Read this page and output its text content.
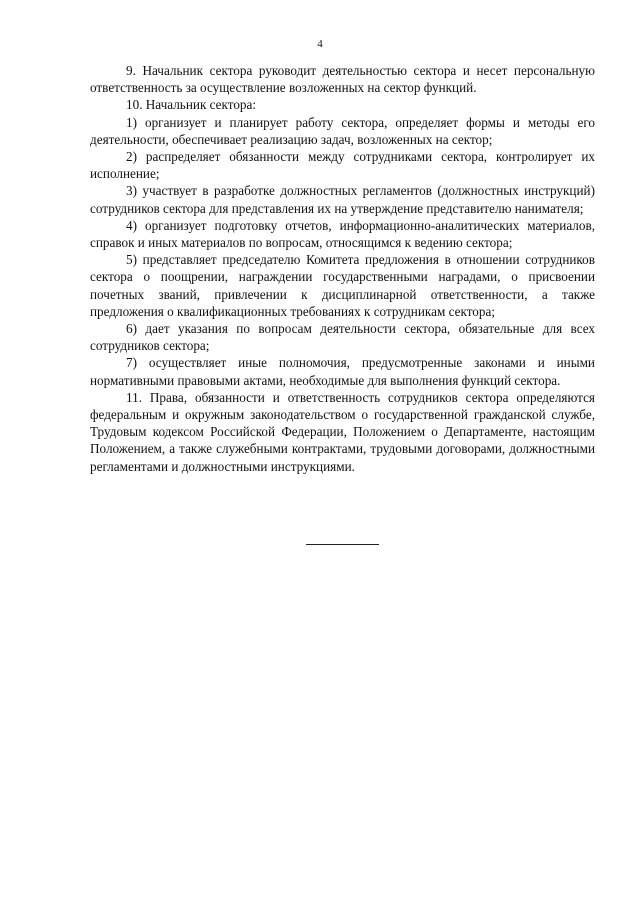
4

9. Начальник сектора руководит деятельностью сектора и несет персональную ответственность за осуществление возложенных на сектор функций.

10. Начальник сектора:

1) организует и планирует работу сектора, определяет формы и методы его деятельности, обеспечивает реализацию задач, возложенных на сектор;

2) распределяет обязанности между сотрудниками сектора, контролирует их исполнение;

3) участвует в разработке должностных регламентов (должностных инструкций) сотрудников сектора для представления их на утверждение представителю нанимателя;

4) организует подготовку отчетов, информационно-аналитических материалов, справок и иных материалов по вопросам, относящимся к ведению сектора;

5) представляет председателю Комитета предложения в отношении сотрудников сектора о поощрении, награждении государственными наградами, о присвоении почетных званий, привлечении к дисциплинарной ответственности, а также предложения о квалификационных требованиях к сотрудникам сектора;

6) дает указания по вопросам деятельности сектора, обязательные для всех сотрудников сектора;

7) осуществляет иные полномочия, предусмотренные законами и иными нормативными правовыми актами, необходимые для выполнения функций сектора.

11. Права, обязанности и ответственность сотрудников сектора определяются федеральным и окружным законодательством о государственной гражданской службе, Трудовым кодексом Российской Федерации, Положением о Департаменте, настоящим Положением, а также служебными контрактами, трудовыми договорами, должностными регламентами и должностными инструкциями.
